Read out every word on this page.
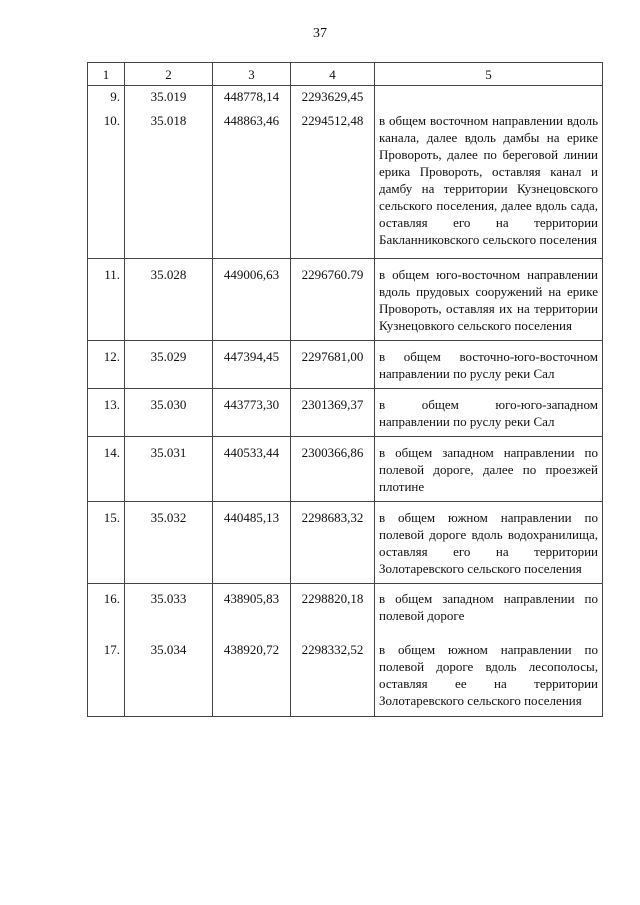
37
1	2	3	4	5
9.	35.019	448778,14	2293629,45	
10.	35.018	448863,46	2294512,48	в общем восточном направлении вдоль канала, далее вдоль дамбы на ерике Провороть, далее по береговой линии ерика Провороть, оставляя канал и дамбу на территории Кузнецовского сельского поселения, далее вдоль сада, оставляя его на территории Бакланниковского сельского поселения
11.	35.028	449006,63	2296760.79	в общем юго-восточном направлении вдоль прудовых сооружений на ерике Провороть, оставляя их на территории Кузнецовкого сельского поселения
12.	35.029	447394,45	2297681,00	в общем восточно-юго-восточном направлении по руслу реки Сал
13.	35.030	443773,30	2301369,37	в общем юго-юго-западном направлении по руслу реки Сал
14.	35.031	440533,44	2300366,86	в общем западном направлении по полевой дороге, далее по проезжей плотине
15.	35.032	440485,13	2298683,32	в общем южном направлении по полевой дороге вдоль водохранилища, оставляя его на территории Золотаревского сельского поселения
16.	35.033	438905,83	2298820,18	в общем западном направлении по полевой дороге
17.	35.034	438920,72	2298332,52	в общем южном направлении по полевой дороге вдоль лесополосы, оставляя ее на территории Золотаревского сельского поселения
